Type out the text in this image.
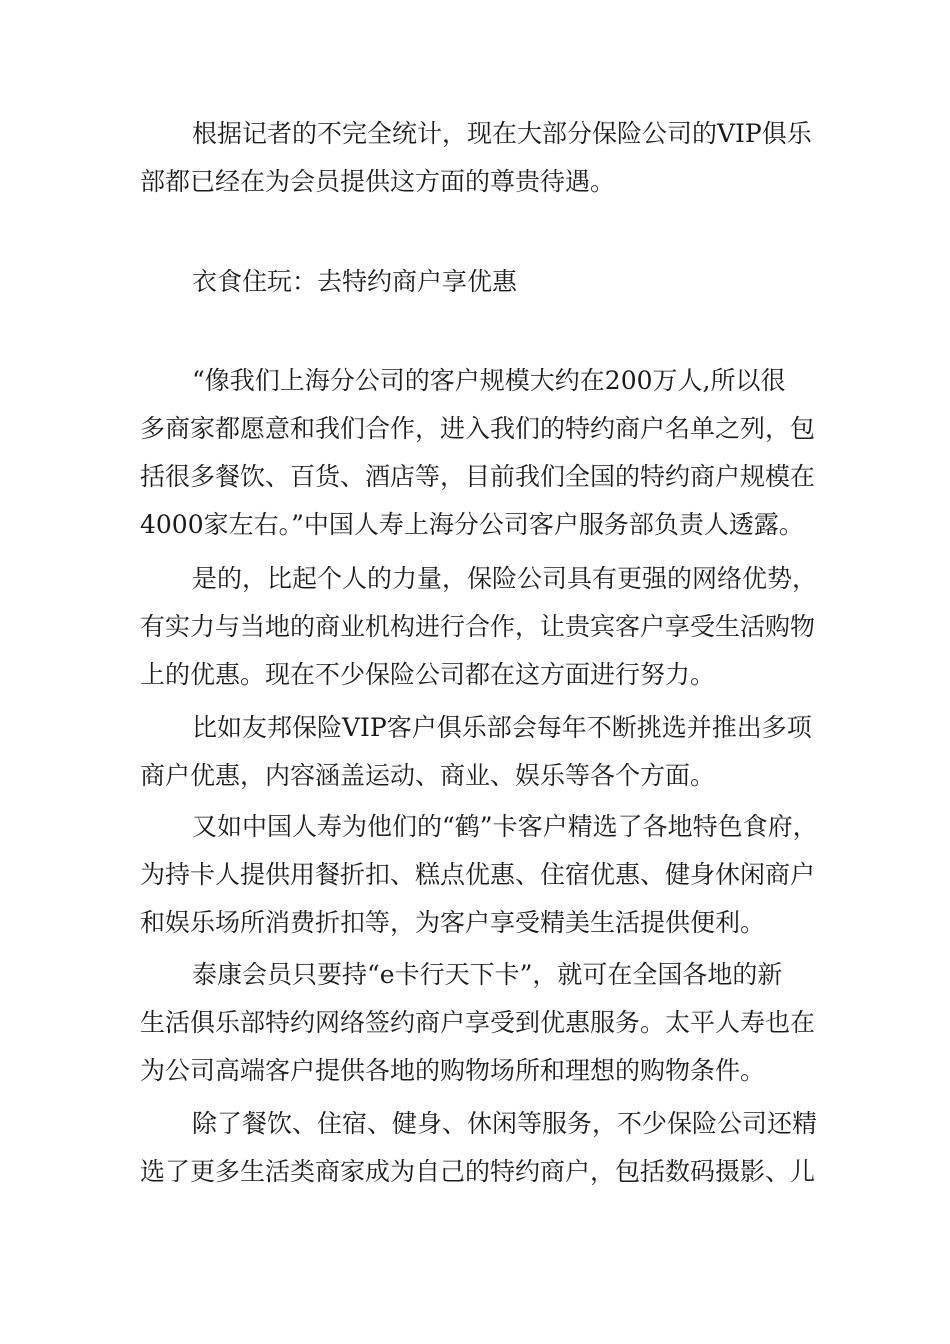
根据记者的不完全统计，现在大部分保险公司的VIP俱乐
部都已经在为会员提供这方面的尊贵待遇。
衣食住玩：去特约商户享优惠
“像我们上海分公司的客户规模大约在200万人,所以很
多商家都愿意和我们合作，进入我们的特约商户名单之列，包
括很多餐饮、百货、酒店等，目前我们全国的特约商户规模在
4000家左右。”中国人寿上海分公司客户服务部负责人透露。
是的，比起个人的力量，保险公司具有更强的网络优势，
有实力与当地的商业机构进行合作，让贵宾客户享受生活购物
上的优惠。现在不少保险公司都在这方面进行努力。
比如友邦保险VIP客户俱乐部会每年不断挑选并推出多项
商户优惠，内容涵盖运动、商业、娱乐等各个方面。
又如中国人寿为他们的“鹤”卡客户精选了各地特色食府，
为持卡人提供用餐折扣、糕点优惠、住宿优惠、健身休闲商户
和娱乐场所消费折扣等，为客户享受精美生活提供便利。
泰康会员只要持“e卡行天下卡”，就可在全国各地的新
生活俱乐部特约网络签约商户享受到优惠服务。太平人寿也在
为公司高端客户提供各地的购物场所和理想的购物条件。
除了餐饮、住宿、健身、休闲等服务，不少保险公司还精
选了更多生活类商家成为自己的特约商户，包括数码摄影、儿
